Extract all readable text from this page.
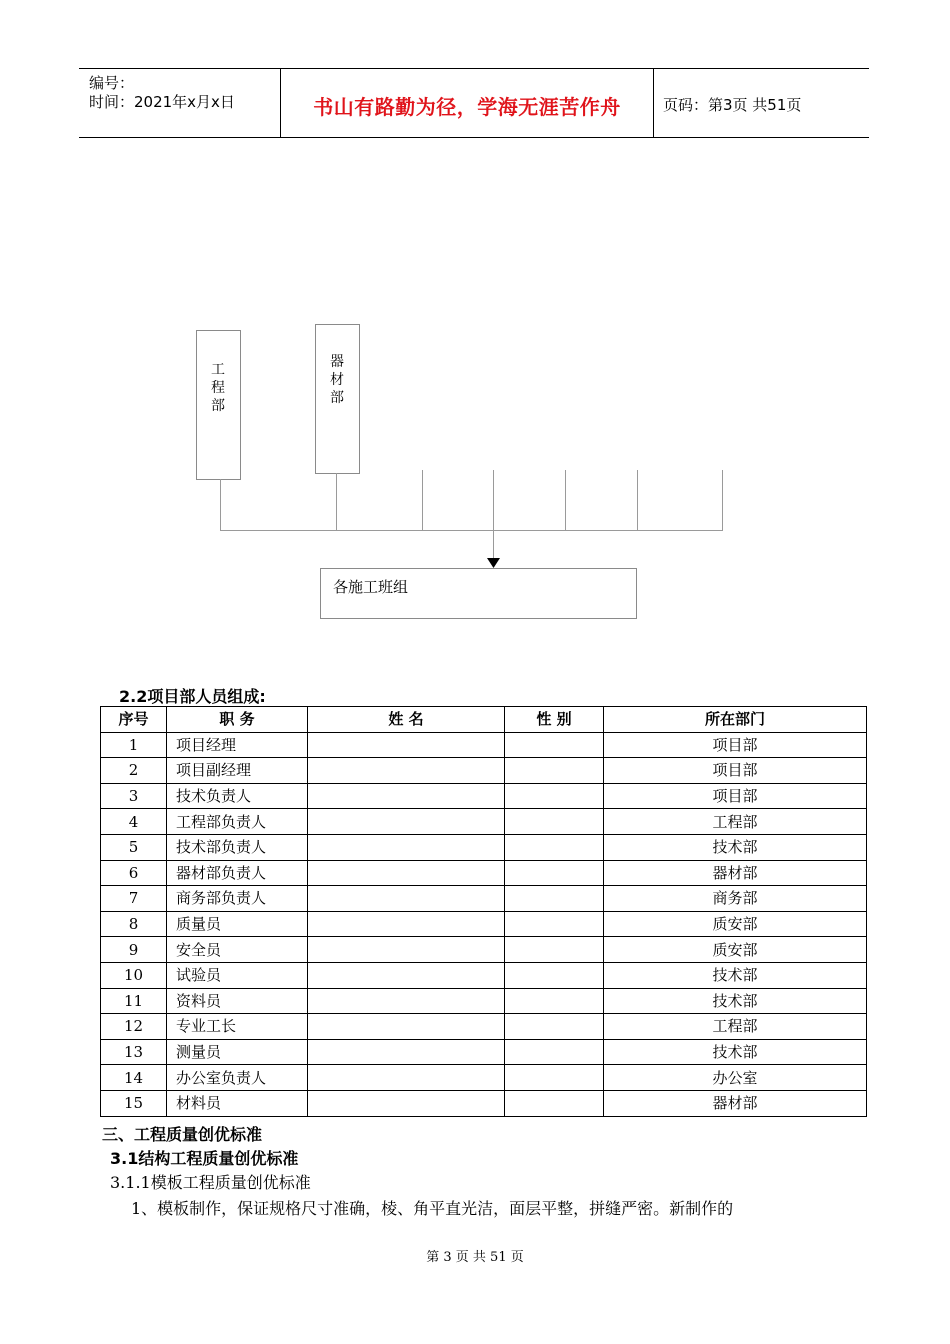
编号：
时间：2021年x月x日	书山有路勤为径，学海无涯苦作舟	页码：第3页 共51页
工程部
器材部
各施工班组
2.2项目部人员组成:
序号	职 务	姓 名	性 别	所在部门
1	项目经理			项目部
2	项目副经理			项目部
3	技术负责人			项目部
4	工程部负责人			工程部
5	技术部负责人			技术部
6	器材部负责人			器材部
7	商务部负责人			商务部
8	质量员			质安部
9	安全员			质安部
10	试验员			技术部
11	资料员			技术部
12	专业工长			工程部
13	测量员			技术部
14	办公室负责人			办公室
15	材料员			器材部
三、工程质量创优标准
3.1结构工程质量创优标准
3.1.1模板工程质量创优标准
1、模板制作，保证规格尺寸准确，棱、角平直光洁，面层平整，拼缝严密。新制作的
第 3 页 共 51 页
